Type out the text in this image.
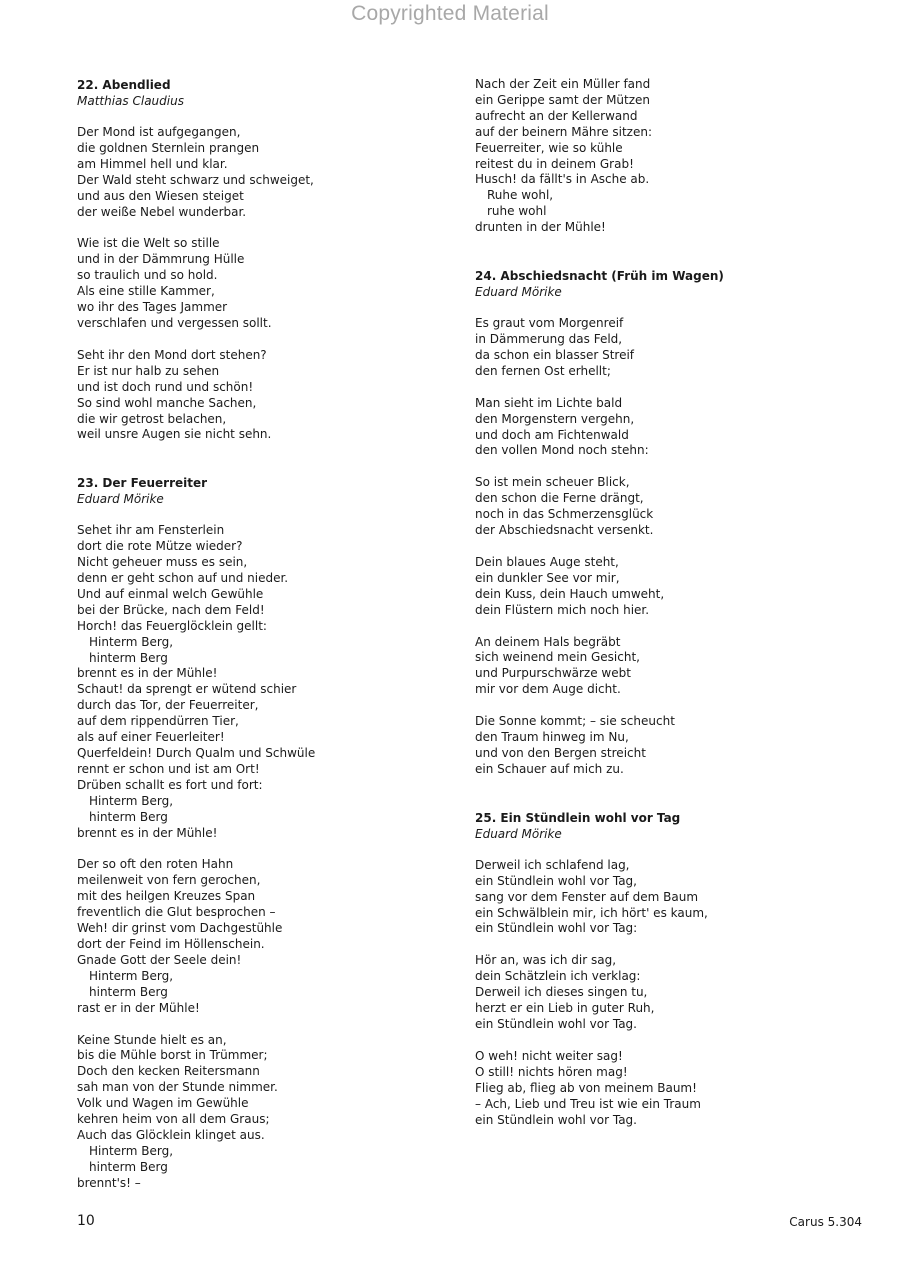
Copyrighted Material
22. Abendlied
Matthias Claudius
Der Mond ist aufgegangen,
die goldnen Sternlein prangen
am Himmel hell und klar.
Der Wald steht schwarz und schweiget,
und aus den Wiesen steiget
der weiße Nebel wunderbar.
Wie ist die Welt so stille
und in der Dämmrung Hülle
so traulich und so hold.
Als eine stille Kammer,
wo ihr des Tages Jammer
verschlafen und vergessen sollt.
Seht ihr den Mond dort stehen?
Er ist nur halb zu sehen
und ist doch rund und schön!
So sind wohl manche Sachen,
die wir getrost belachen,
weil unsre Augen sie nicht sehn.
23. Der Feuerreiter
Eduard Mörike
Sehet ihr am Fensterlein
dort die rote Mütze wieder?
Nicht geheuer muss es sein,
denn er geht schon auf und nieder.
Und auf einmal welch Gewühle
bei der Brücke, nach dem Feld!
Horch! das Feuerglöcklein gellt:
Hinterm Berg,
hinterm Berg
brennt es in der Mühle!
Schaut! da sprengt er wütend schier
durch das Tor, der Feuerreiter,
auf dem rippendürren Tier,
als auf einer Feuerleiter!
Querfeldein! Durch Qualm und Schwüle
rennt er schon und ist am Ort!
Drüben schallt es fort und fort:
Hinterm Berg,
hinterm Berg
brennt es in der Mühle!
Der so oft den roten Hahn
meilenweit von fern gerochen,
mit des heilgen Kreuzes Span
freventlich die Glut besprochen –
Weh! dir grinst vom Dachgestühle
dort der Feind im Höllenschein.
Gnade Gott der Seele dein!
Hinterm Berg,
hinterm Berg
rast er in der Mühle!
Keine Stunde hielt es an,
bis die Mühle borst in Trümmer;
Doch den kecken Reitersmann
sah man von der Stunde nimmer.
Volk und Wagen im Gewühle
kehren heim von all dem Graus;
Auch das Glöcklein klinget aus.
Hinterm Berg,
hinterm Berg
brennt's! –
Nach der Zeit ein Müller fand
ein Gerippe samt der Mützen
aufrecht an der Kellerwand
auf der beinern Mähre sitzen:
Feuerreiter, wie so kühle
reitest du in deinem Grab!
Husch! da fällt's in Asche ab.
Ruhe wohl,
ruhe wohl
drunten in der Mühle!
24. Abschiedsnacht (Früh im Wagen)
Eduard Mörike
Es graut vom Morgenreif
in Dämmerung das Feld,
da schon ein blasser Streif
den fernen Ost erhellt;
Man sieht im Lichte bald
den Morgenstern vergehn,
und doch am Fichtenwald
den vollen Mond noch stehn:
So ist mein scheuer Blick,
den schon die Ferne drängt,
noch in das Schmerzensglück
der Abschiedsnacht versenkt.
Dein blaues Auge steht,
ein dunkler See vor mir,
dein Kuss, dein Hauch umweht,
dein Flüstern mich noch hier.
An deinem Hals begräbt
sich weinend mein Gesicht,
und Purpurschwärze webt
mir vor dem Auge dicht.
Die Sonne kommt; – sie scheucht
den Traum hinweg im Nu,
und von den Bergen streicht
ein Schauer auf mich zu.
25. Ein Stündlein wohl vor Tag
Eduard Mörike
Derweil ich schlafend lag,
ein Stündlein wohl vor Tag,
sang vor dem Fenster auf dem Baum
ein Schwälblein mir, ich hört' es kaum,
ein Stündlein wohl vor Tag:
Hör an, was ich dir sag,
dein Schätzlein ich verklag:
Derweil ich dieses singen tu,
herzt er ein Lieb in guter Ruh,
ein Stündlein wohl vor Tag.
O weh! nicht weiter sag!
O still! nichts hören mag!
Flieg ab, flieg ab von meinem Baum!
– Ach, Lieb und Treu ist wie ein Traum
ein Stündlein wohl vor Tag.
10	Carus 5.304
